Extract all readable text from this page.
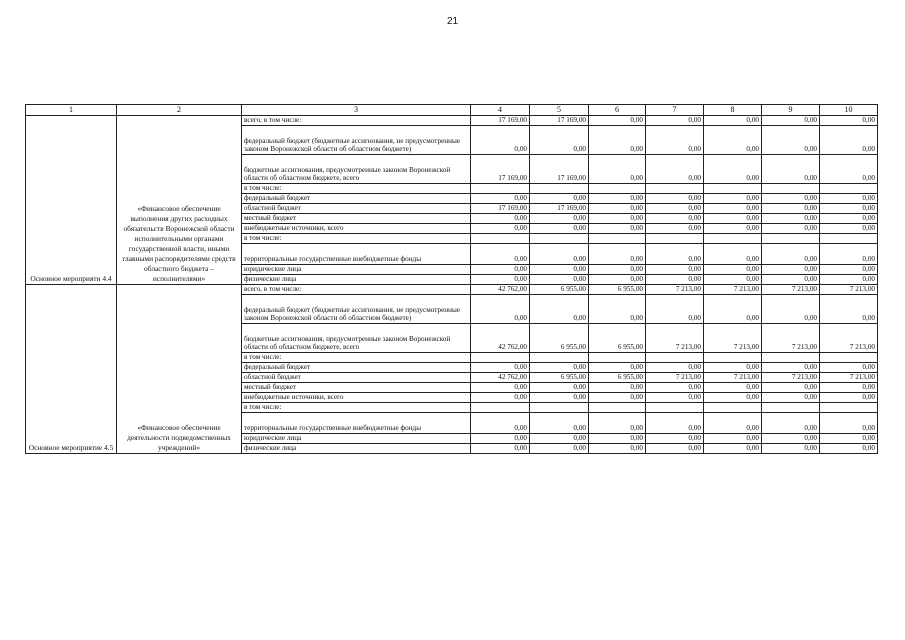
21
1	2	3	4	5	6	7	8	9	10
Основное мероприяти 4.4	«Финансовое обеспечение выполнения других расходных обязательств Воронежской области исполнительными органами государственной власти, иными главными распорядителями средств областного бюджета – исполнителями»	всего, в том числе:	17 169,00	17 169,00	0,00	0,00	0,00	0,00	0,00
		федеральный бюджет (бюджетные ассигнования, не предусмотренные законом Воронежской области об областном бюджете)	0,00	0,00	0,00	0,00	0,00	0,00	0,00
		бюджетные ассигнования, предусмотренные законом Воронежской области об областном бюджете, всего	17 169,00	17 169,00	0,00	0,00	0,00	0,00	0,00
		в том числе:							
		федеральный бюджет	0,00	0,00	0,00	0,00	0,00	0,00	0,00
		областной бюджет	17 169,00	17 169,00	0,00	0,00	0,00	0,00	0,00
		местный бюджет	0,00	0,00	0,00	0,00	0,00	0,00	0,00
		внебюджетные источники, всего	0,00	0,00	0,00	0,00	0,00	0,00	0,00
		в том числе:							
		территориальные государственные внебюджетные фонды	0,00	0,00	0,00	0,00	0,00	0,00	0,00
		юридические лица	0,00	0,00	0,00	0,00	0,00	0,00	0,00
		физические лица	0,00	0,00	0,00	0,00	0,00	0,00	0,00
Основное мероприятие 4.5	«Финансовое обеспечение деятельности подведомственных учреждений»	всего, в том числе:	42 762,00	6 955,00	6 955,00	7 213,00	7 213,00	7 213,00	7 213,00
		федеральный бюджет (бюджетные ассигнования, не предусмотренные законом Воронежской области об областном бюджете)	0,00	0,00	0,00	0,00	0,00	0,00	0,00
		бюджетные ассигнования, предусмотренные законом Воронежской области об областном бюджете, всего	42 762,00	6 955,00	6 955,00	7 213,00	7 213,00	7 213,00	7 213,00
		в том числе:							
		федеральный бюджет	0,00	0,00	0,00	0,00	0,00	0,00	0,00
		областной бюджет	42 762,00	6 955,00	6 955,00	7 213,00	7 213,00	7 213,00	7 213,00
		местный бюджет	0,00	0,00	0,00	0,00	0,00	0,00	0,00
		внебюджетные источники, всего	0,00	0,00	0,00	0,00	0,00	0,00	0,00
		в том числе:							
		территориальные государственные внебюджетные фонды	0,00	0,00	0,00	0,00	0,00	0,00	0,00
		юридические лица	0,00	0,00	0,00	0,00	0,00	0,00	0,00
		физические лица	0,00	0,00	0,00	0,00	0,00	0,00	0,00
